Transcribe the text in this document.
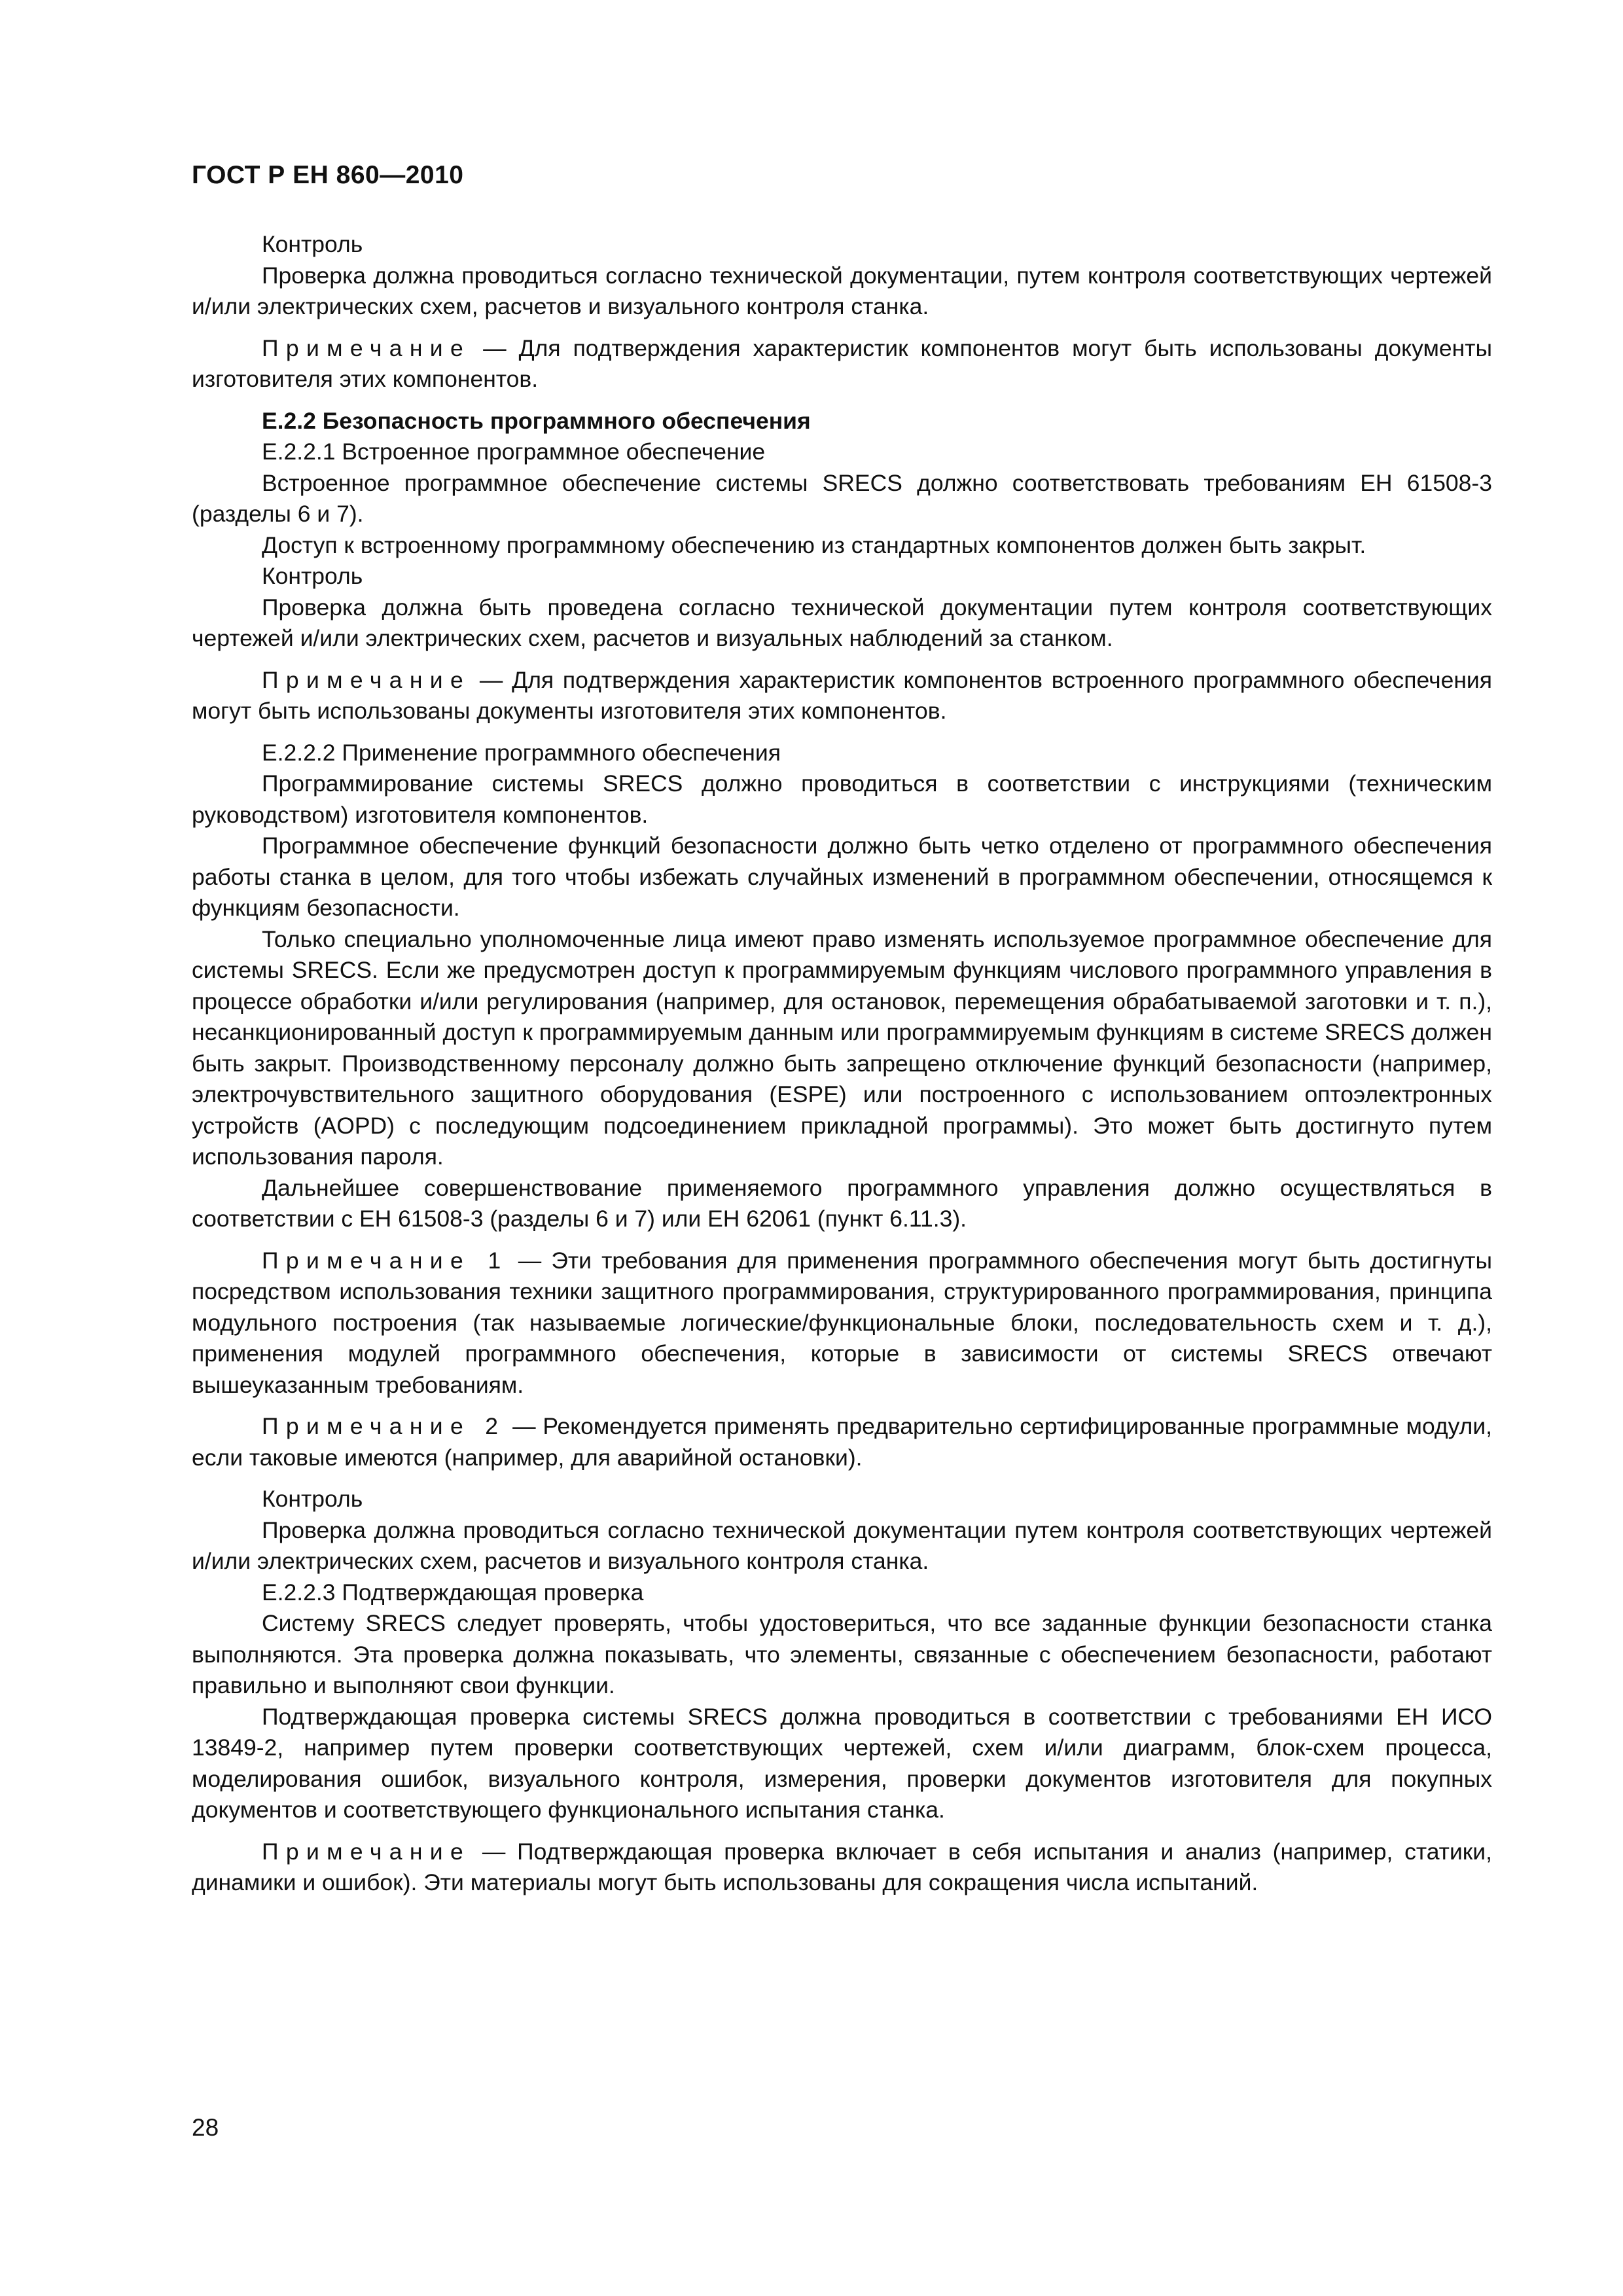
ГОСТ Р ЕН 860—2010

Контроль

Проверка должна проводиться согласно технической документации, путем контроля соответствующих чертежей и/или электрических схем, расчетов и визуального контроля станка.

Примечание — Для подтверждения характеристик компонентов могут быть использованы документы изготовителя этих компонентов.

Е.2.2 Безопасность программного обеспечения

Е.2.2.1 Встроенное программное обеспечение

Встроенное программное обеспечение системы SRECS должно соответствовать требованиям ЕН 61508-3 (разделы 6 и 7).

Доступ к встроенному программному обеспечению из стандартных компонентов должен быть закрыт.

Контроль

Проверка должна быть проведена согласно технической документации путем контроля соответствующих чертежей и/или электрических схем, расчетов и визуальных наблюдений за станком.

Примечание — Для подтверждения характеристик компонентов встроенного программного обеспечения могут быть использованы документы изготовителя этих компонентов.

Е.2.2.2 Применение программного обеспечения

Программирование системы SRECS должно проводиться в соответствии с инструкциями (техническим руководством) изготовителя компонентов.

Программное обеспечение функций безопасности должно быть четко отделено от программного обеспечения работы станка в целом, для того чтобы избежать случайных изменений в программном обеспечении, относящемся к функциям безопасности.

Только специально уполномоченные лица имеют право изменять используемое программное обеспечение для системы SRECS. Если же предусмотрен доступ к программируемым функциям числового программного управления в процессе обработки и/или регулирования (например, для остановок, перемещения обрабатываемой заготовки и т. п.), несанкционированный доступ к программируемым данным или программируемым функциям в системе SRECS должен быть закрыт. Производственному персоналу должно быть запрещено отключение функций безопасности (например, электрочувствительного защитного оборудования (ESPE) или построенного с использованием оптоэлектронных устройств (AOPD) с последующим подсоединением прикладной программы). Это может быть достигнуто путем использования пароля.

Дальнейшее совершенствование применяемого программного управления должно осуществляться в соответствии с ЕН 61508-3 (разделы 6 и 7) или ЕН 62061 (пункт 6.11.3).

Примечание 1 — Эти требования для применения программного обеспечения могут быть достигнуты посредством использования техники защитного программирования, структурированного программирования, принципа модульного построения (так называемые логические/функциональные блоки, последовательность схем и т. д.), применения модулей программного обеспечения, которые в зависимости от системы SRECS отвечают вышеуказанным требованиям.

Примечание 2 — Рекомендуется применять предварительно сертифицированные программные модули, если таковые имеются (например, для аварийной остановки).

Контроль

Проверка должна проводиться согласно технической документации путем контроля соответствующих чертежей и/или электрических схем, расчетов и визуального контроля станка.

Е.2.2.3 Подтверждающая проверка

Систему SRECS следует проверять, чтобы удостовериться, что все заданные функции безопасности станка выполняются. Эта проверка должна показывать, что элементы, связанные с обеспечением безопасности, работают правильно и выполняют свои функции.

Подтверждающая проверка системы SRECS должна проводиться в соответствии с требованиями ЕН ИСО 13849-2, например путем проверки соответствующих чертежей, схем и/или диаграмм, блок-схем процесса, моделирования ошибок, визуального контроля, измерения, проверки документов изготовителя для покупных документов и соответствующего функционального испытания станка.

Примечание — Подтверждающая проверка включает в себя испытания и анализ (например, статики, динамики и ошибок). Эти материалы могут быть использованы для сокращения числа испытаний.

28
